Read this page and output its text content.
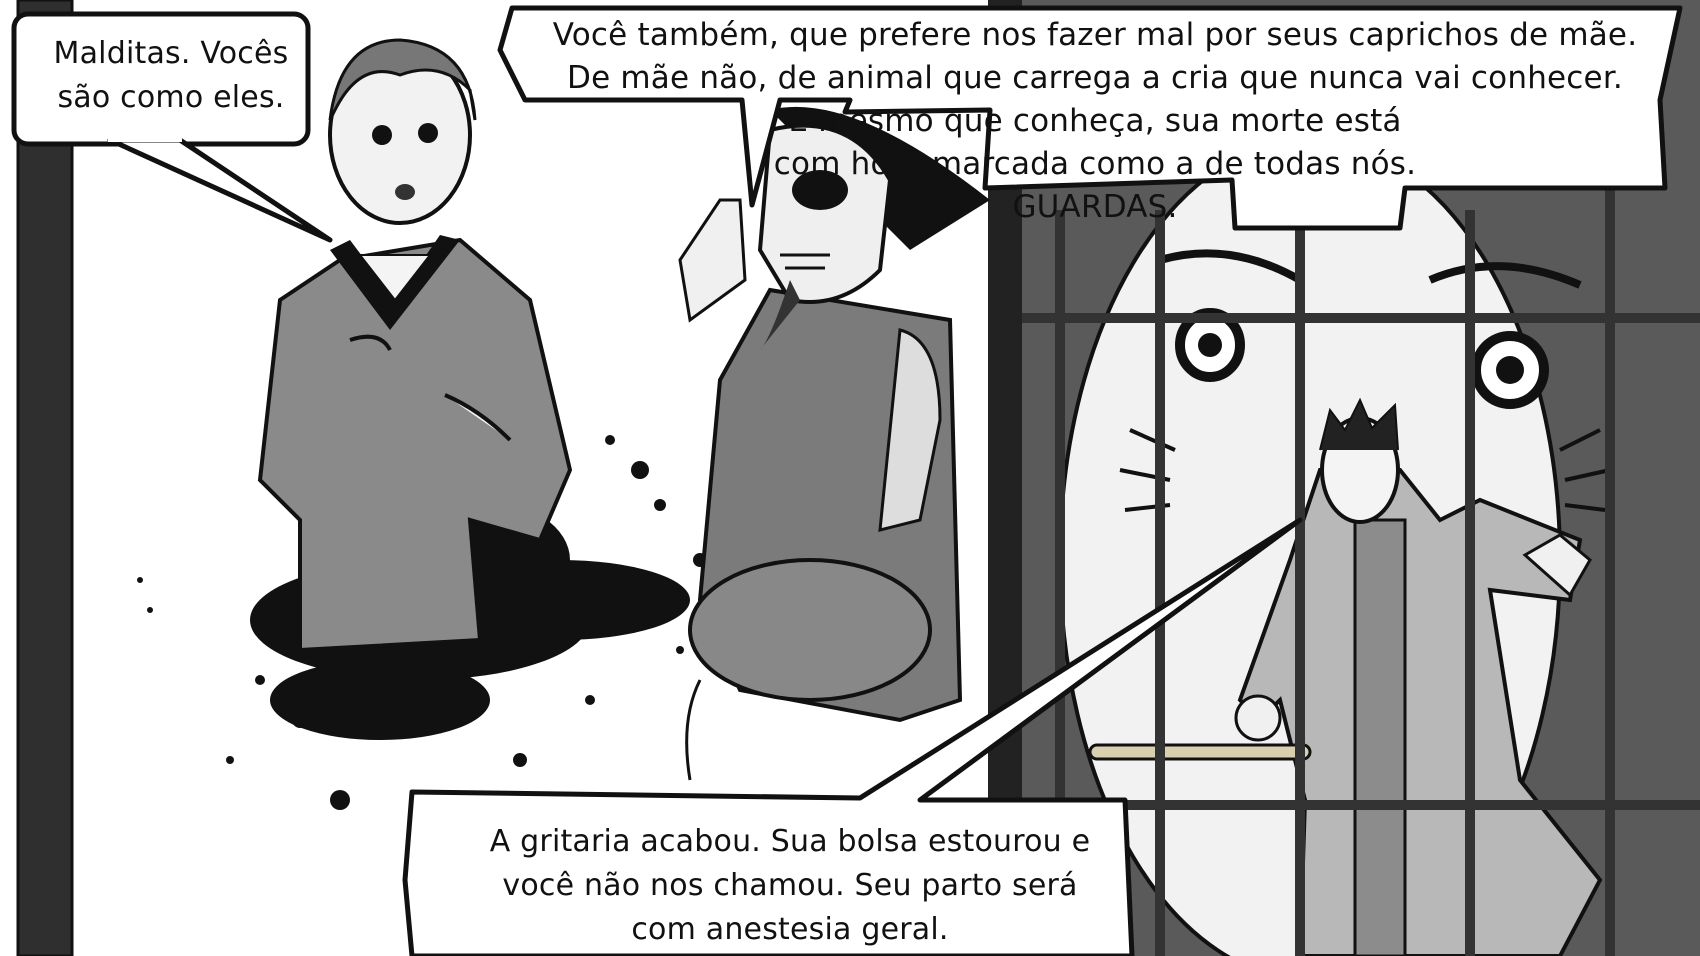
Malditas. Vocês
são como eles.

Você também, que prefere nos fazer mal por seus caprichos de mãe.
De mãe não, de animal que carrega a cria que nunca vai conhecer.
E mesmo que conheça, sua morte está
com hora marcada como a de todas nós.
GUARDAS.

A gritaria acabou. Sua bolsa estourou e
você não nos chamou. Seu parto será
com anestesia geral.
